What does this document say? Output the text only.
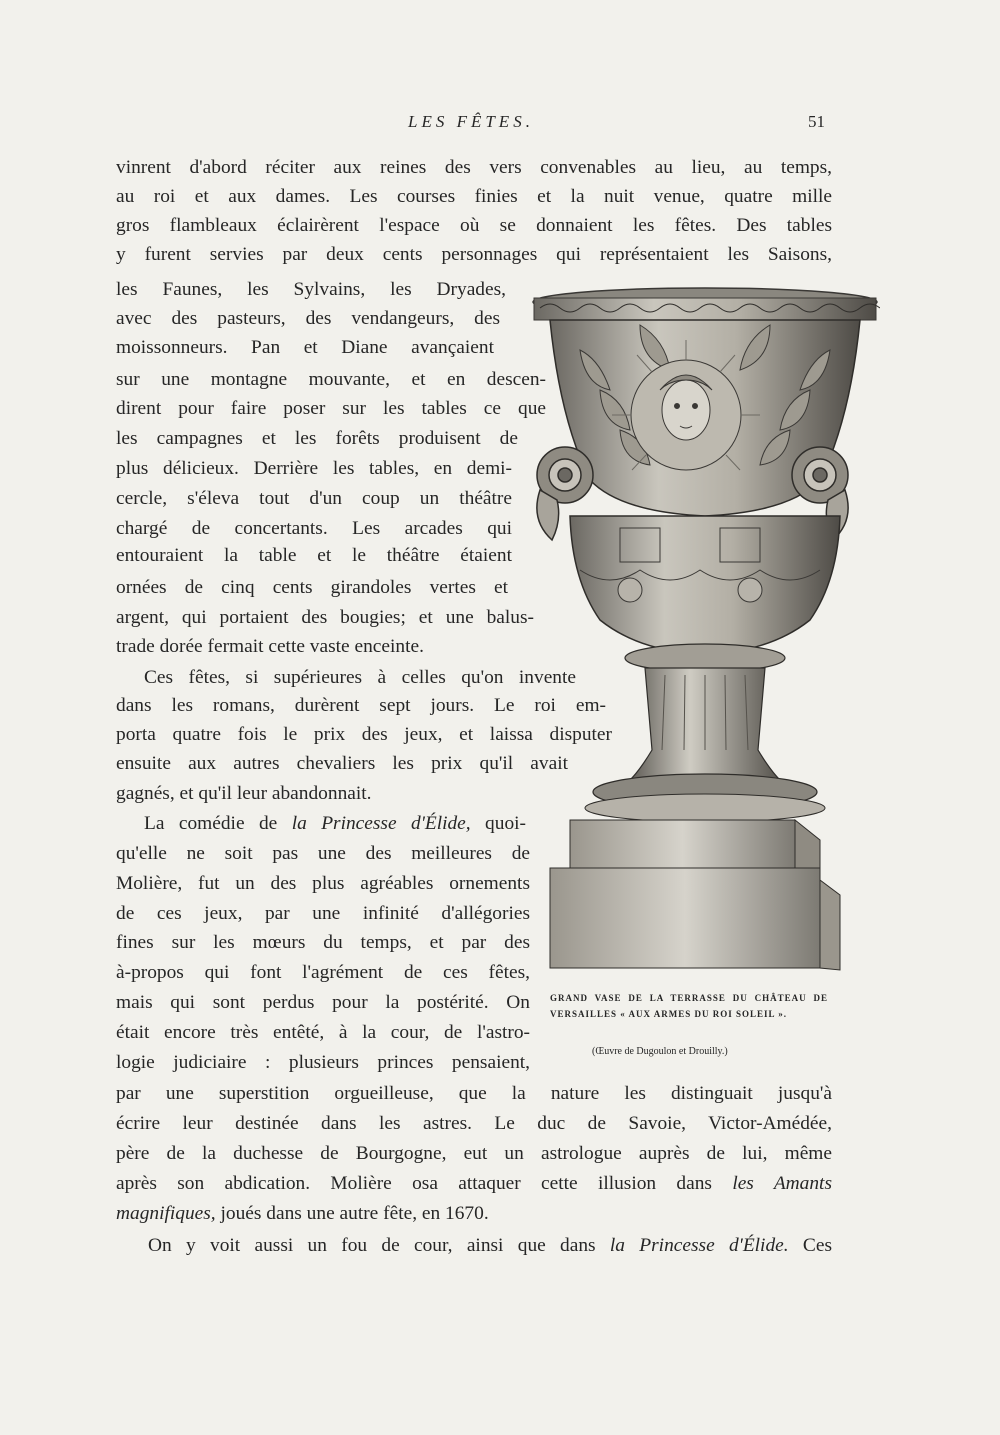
LES FÊTES.	51
vinrent d'abord réciter aux reines des vers convenables au lieu, au temps,
au roi et aux dames. Les courses finies et la nuit venue, quatre mille
gros flambleaux éclairèrent l'espace où se donnaient les fêtes. Des tables
y furent servies par deux cents personnages qui représentaient les Saisons,
les Faunes, les Sylvains, les Dryades,
avec des pasteurs, des vendangeurs, des
moissonneurs. Pan et Diane avançaient
sur une montagne mouvante, et en descen-
dirent pour faire poser sur les tables ce que
les campagnes et les forêts produisent de
plus délicieux. Derrière les tables, en demi-
cercle, s'éleva tout d'un coup un théâtre
chargé de concertants. Les arcades qui
entouraient la table et le théâtre étaient
ornées de cinq cents girandoles vertes et
argent, qui portaient des bougies; et une balus-
trade dorée fermait cette vaste enceinte.
Ces fêtes, si supérieures à celles qu'on invente
dans les romans, durèrent sept jours. Le roi em-
porta quatre fois le prix des jeux, et laissa disputer
ensuite aux autres chevaliers les prix qu'il avait
gagnés, et qu'il leur abandonnait.
La comédie de la Princesse d'Élide, quoi-
qu'elle ne soit pas une des meilleures de
Molière, fut un des plus agréables ornements
de ces jeux, par une infinité d'allégories
fines sur les mœurs du temps, et par des
à-propos qui font l'agrément de ces fêtes,
mais qui sont perdus pour la postérité. On
était encore très entêté, à la cour, de l'astro-
logie judiciaire : plusieurs princes pensaient,
par une superstition orgueilleuse, que la nature les distinguait jusqu'à
écrire leur destinée dans les astres. Le duc de Savoie, Victor-Amédée,
père de la duchesse de Bourgogne, eut un astrologue auprès de lui, même
après son abdication. Molière osa attaquer cette illusion dans les Amants
magnifiques, joués dans une autre fête, en 1670.
On y voit aussi un fou de cour, ainsi que dans la Princesse d'Élide. Ces
GRAND VASE DE LA TERRASSE DU CHÂTEAU DE VERSAILLES « AUX ARMES DU ROI SOLEIL ».
(Œuvre de Dugoulon et Drouilly.)
